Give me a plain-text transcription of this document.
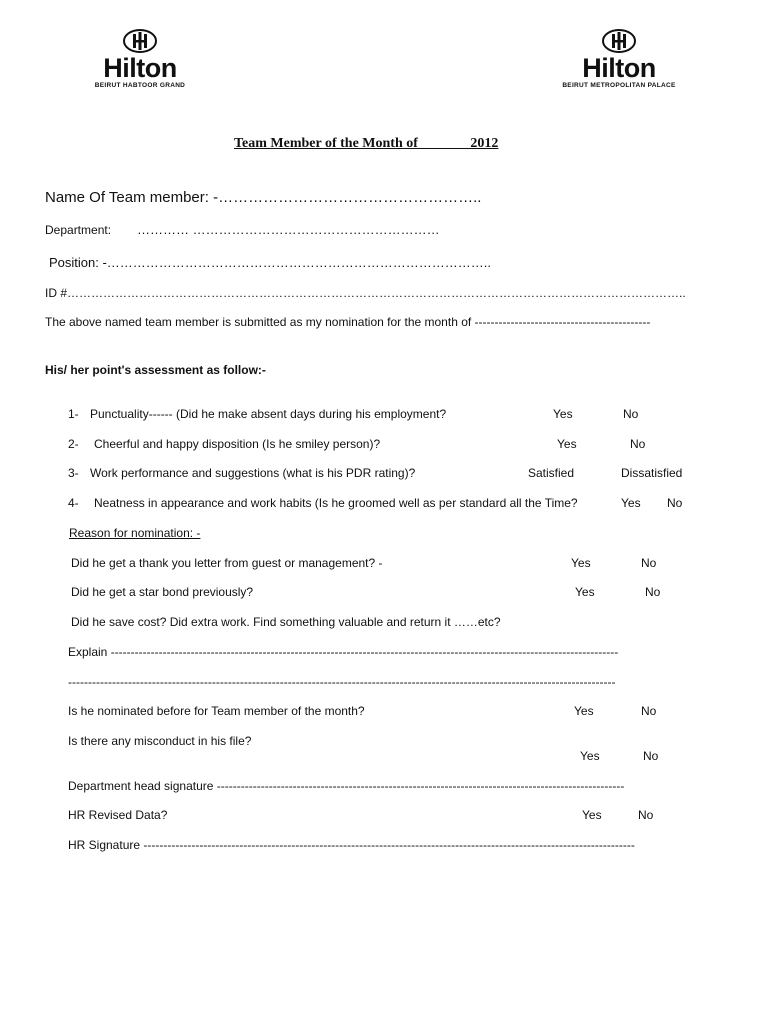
Hilton
BEIRUT HABTOOR GRAND
Hilton
BEIRUT METROPOLITAN PALACE
Team Member of the Month of	2012
Name Of Team member: -……………………………………………..
Department: ………… …………………………………………………
Position: -……………………………………………………………………………..
ID #………………………………………………………………………………………………………………………………………..
The above named team member is submitted as my nomination for the month of --------------------------------------------
His/ her point's assessment as follow:-
1- Punctuality------ (Did he make absent days during his employment?	Yes	No
2- Cheerful and happy disposition (Is he smiley person)?	Yes	No
3- Work performance and suggestions (what is his PDR rating)?	Satisfied	Dissatisfied
4- Neatness in appearance and work habits (Is he groomed well as per standard all the Time?	Yes No
Reason for nomination: -
Did he get a thank you letter from guest or management? -	Yes	No
Did he get a star bond previously?	Yes	No
Did he save cost? Did extra work. Find something valuable and return it ……etc?
Explain -------------------------------------------------------------------------------------------------------------------------------
-----------------------------------------------------------------------------------------------------------------------------------------
Is he nominated before for Team member of the month?	Yes	No
Is there any misconduct in his file?
Yes	No
Department head signature ------------------------------------------------------------------------------------------------------
HR Revised Data?	Yes	No
HR Signature ---------------------------------------------------------------------------------------------------------------------------
